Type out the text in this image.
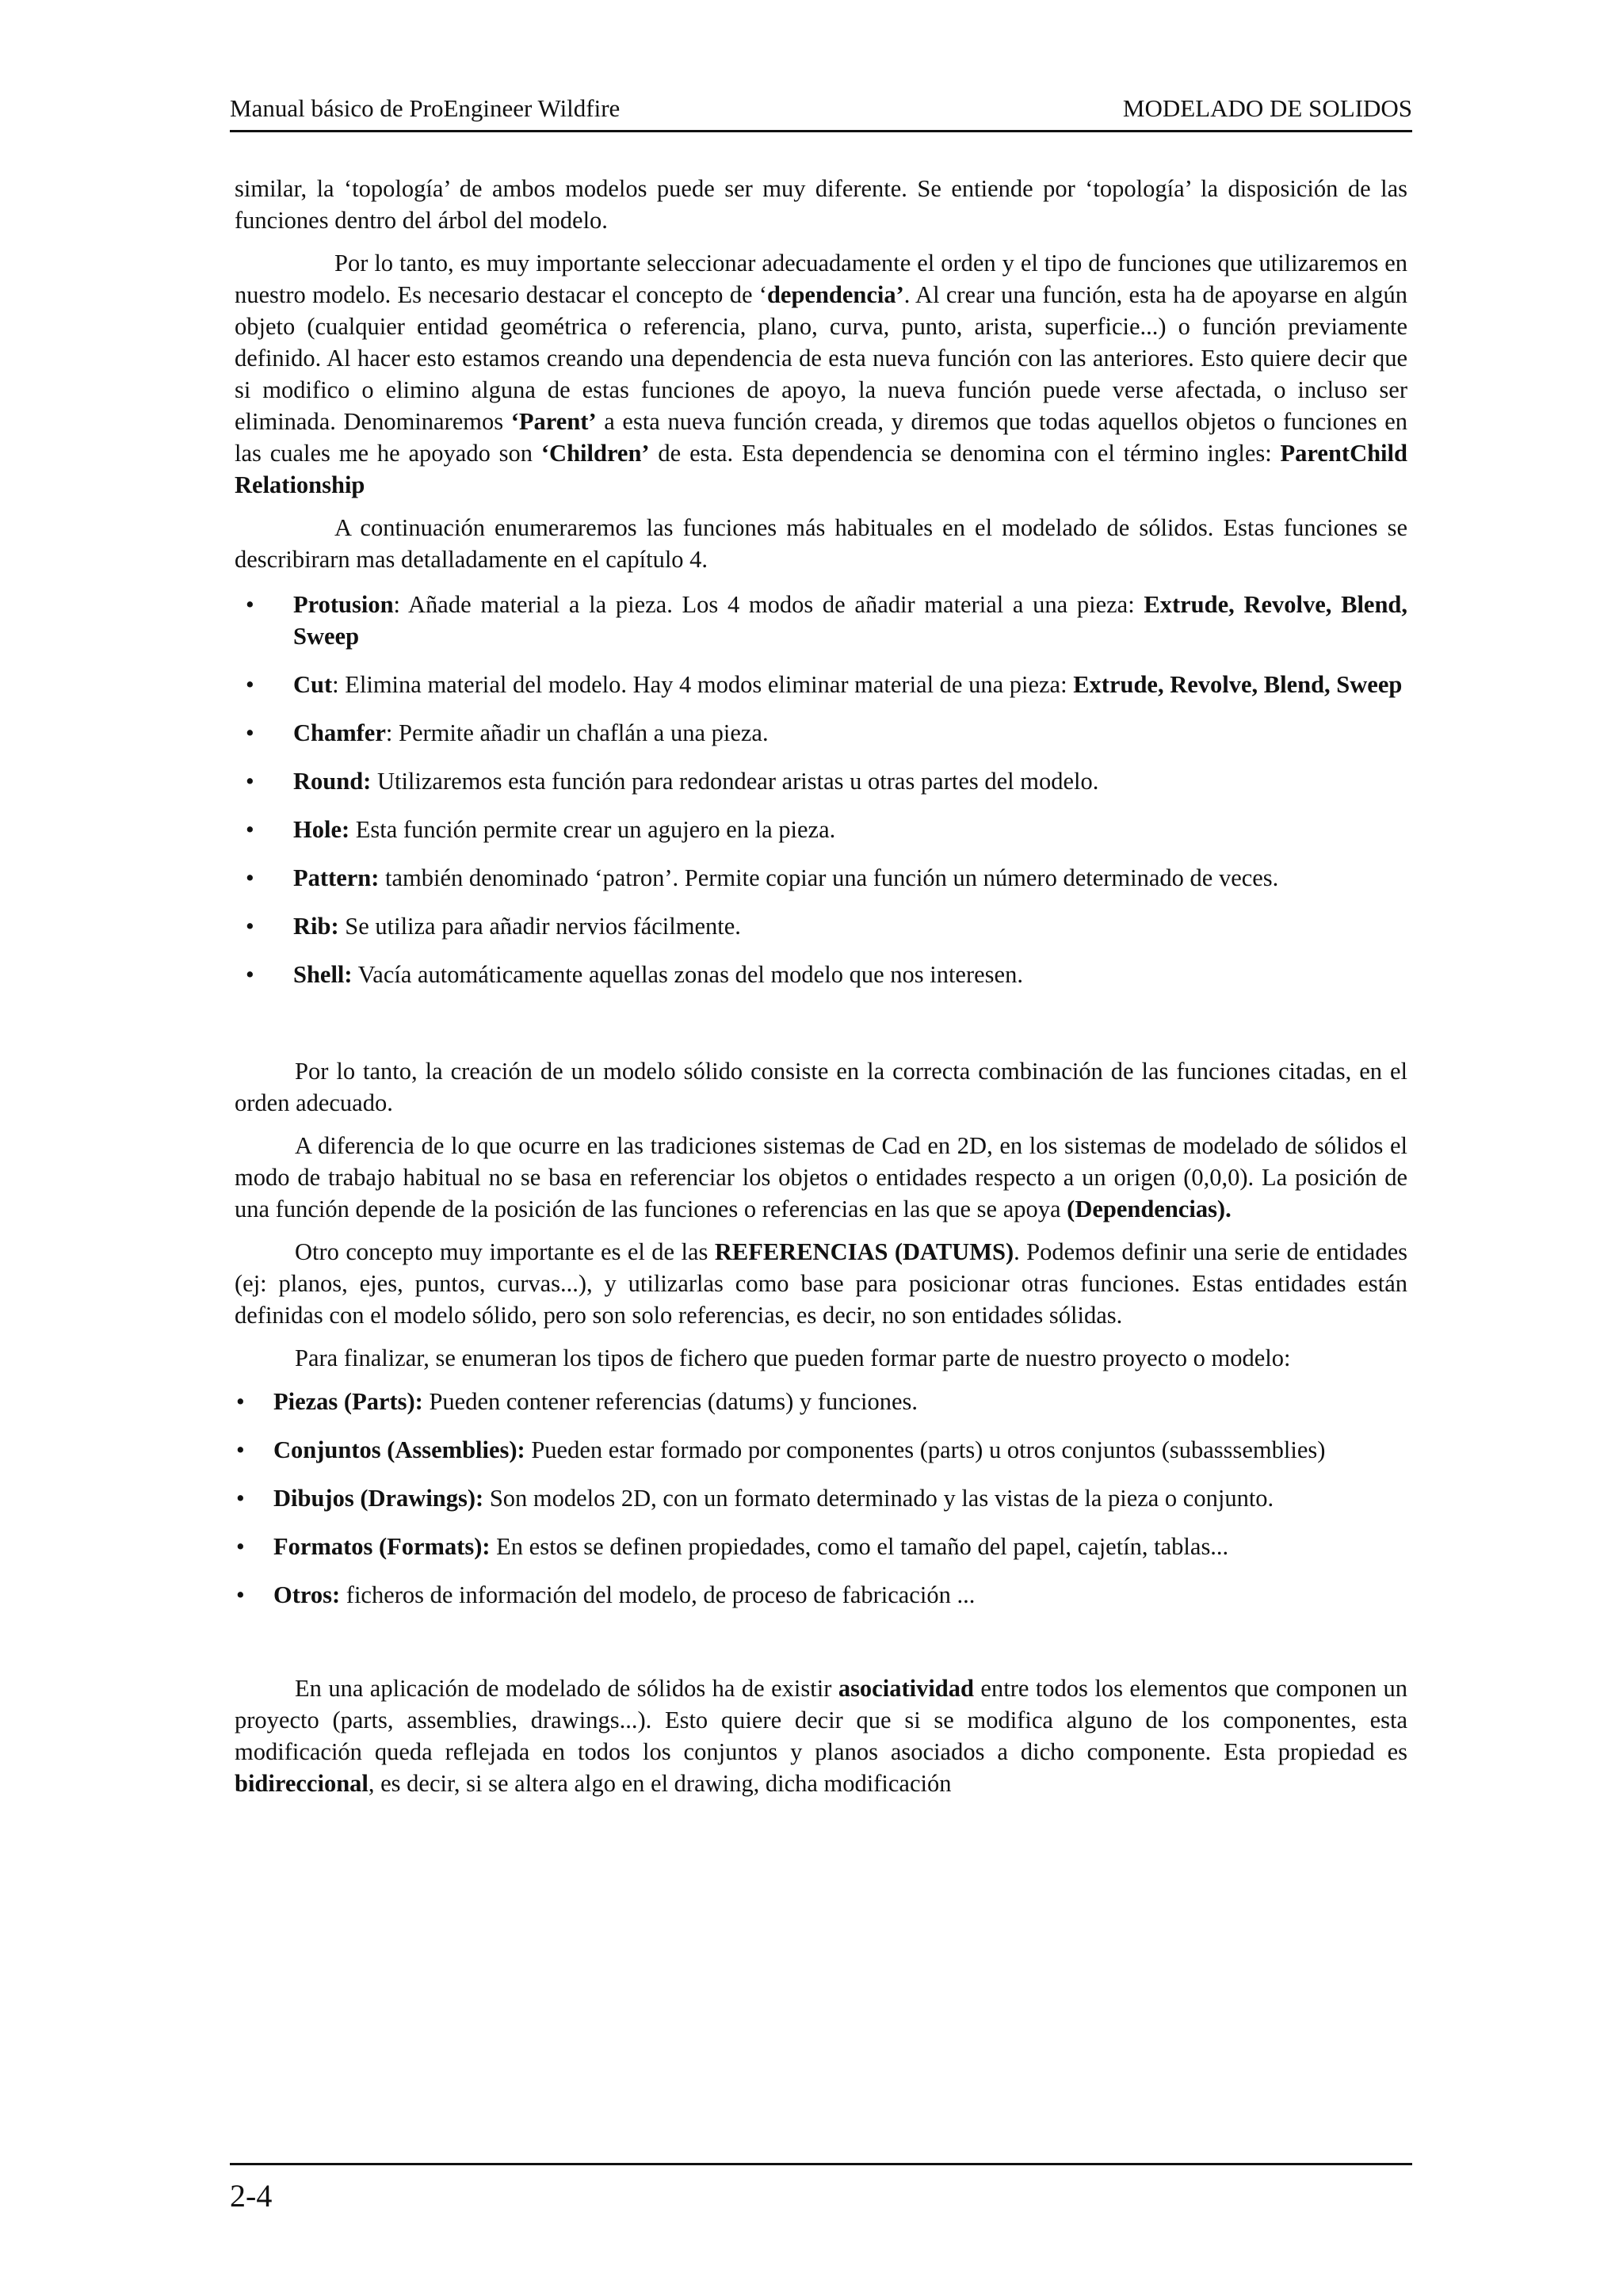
Manual básico de ProEngineer Wildfire	MODELADO DE SOLIDOS

similar, la ‘topología’ de ambos modelos puede ser muy diferente. Se entiende por ‘topología’ la disposición de las funciones dentro del árbol del modelo.

Por lo tanto, es muy importante seleccionar adecuadamente el orden y el tipo de funciones que utilizaremos en nuestro modelo. Es necesario destacar el concepto de ‘dependencia’. Al crear una función, esta ha de apoyarse en algún objeto (cualquier entidad geométrica o referencia, plano, curva, punto, arista, superficie...) o función previamente definido. Al hacer esto estamos creando una dependencia de esta nueva función con las anteriores. Esto quiere decir que si modifico o elimino alguna de estas funciones de apoyo, la nueva función puede verse afectada, o incluso ser eliminada. Denominaremos ‘Parent’ a esta nueva función creada, y diremos que todas aquellos objetos o funciones en las cuales me he apoyado son ‘Children’ de esta. Esta dependencia se denomina con el término ingles: ParentChild Relationship

A continuación enumeraremos las funciones más habituales en el modelado de sólidos. Estas funciones se describirarn mas detalladamente en el capítulo 4.

• Protusion: Añade material a la pieza. Los 4 modos de añadir material a una pieza: Extrude, Revolve, Blend, Sweep
• Cut: Elimina material del modelo. Hay 4 modos eliminar material de una pieza: Extrude, Revolve, Blend, Sweep
• Chamfer: Permite añadir un chaflán a una pieza.
• Round: Utilizaremos esta función para redondear aristas u otras partes del modelo.
• Hole: Esta función permite crear un agujero en la pieza.
• Pattern: también denominado ‘patron’. Permite copiar una función un número determinado de veces.
• Rib: Se utiliza para añadir nervios fácilmente.
• Shell: Vacía automáticamente aquellas zonas del modelo que nos interesen.

Por lo tanto, la creación de un modelo sólido consiste en la correcta combinación de las funciones citadas, en el orden adecuado.

A diferencia de lo que ocurre en las tradiciones sistemas de Cad en 2D, en los sistemas de modelado de sólidos el modo de trabajo habitual no se basa en referenciar los objetos o entidades respecto a un origen (0,0,0). La posición de una función depende de la posición de las funciones o referencias en las que se apoya (Dependencias).

Otro concepto muy importante es el de las REFERENCIAS (DATUMS). Podemos definir una serie de entidades (ej: planos, ejes, puntos, curvas...), y utilizarlas como base para posicionar otras funciones. Estas entidades están definidas con el modelo sólido, pero son solo referencias, es decir, no son entidades sólidas.

Para finalizar, se enumeran los tipos de fichero que pueden formar parte de nuestro proyecto o modelo:

• Piezas (Parts): Pueden contener referencias (datums) y funciones.
• Conjuntos (Assemblies): Pueden estar formado por componentes (parts) u otros conjuntos (subasssemblies)
• Dibujos (Drawings): Son modelos 2D, con un formato determinado y las vistas de la pieza o conjunto.
• Formatos (Formats): En estos se definen propiedades, como el tamaño del papel, cajetín, tablas...
• Otros: ficheros de información del modelo, de proceso de fabricación ...

En una aplicación de modelado de sólidos ha de existir asociatividad entre todos los elementos que componen un proyecto (parts, assemblies, drawings...). Esto quiere decir que si se modifica alguno de los componentes, esta modificación queda reflejada en todos los conjuntos y planos asociados a dicho componente. Esta propiedad es bidireccional, es decir, si se altera algo en el drawing, dicha modificación

2-4
